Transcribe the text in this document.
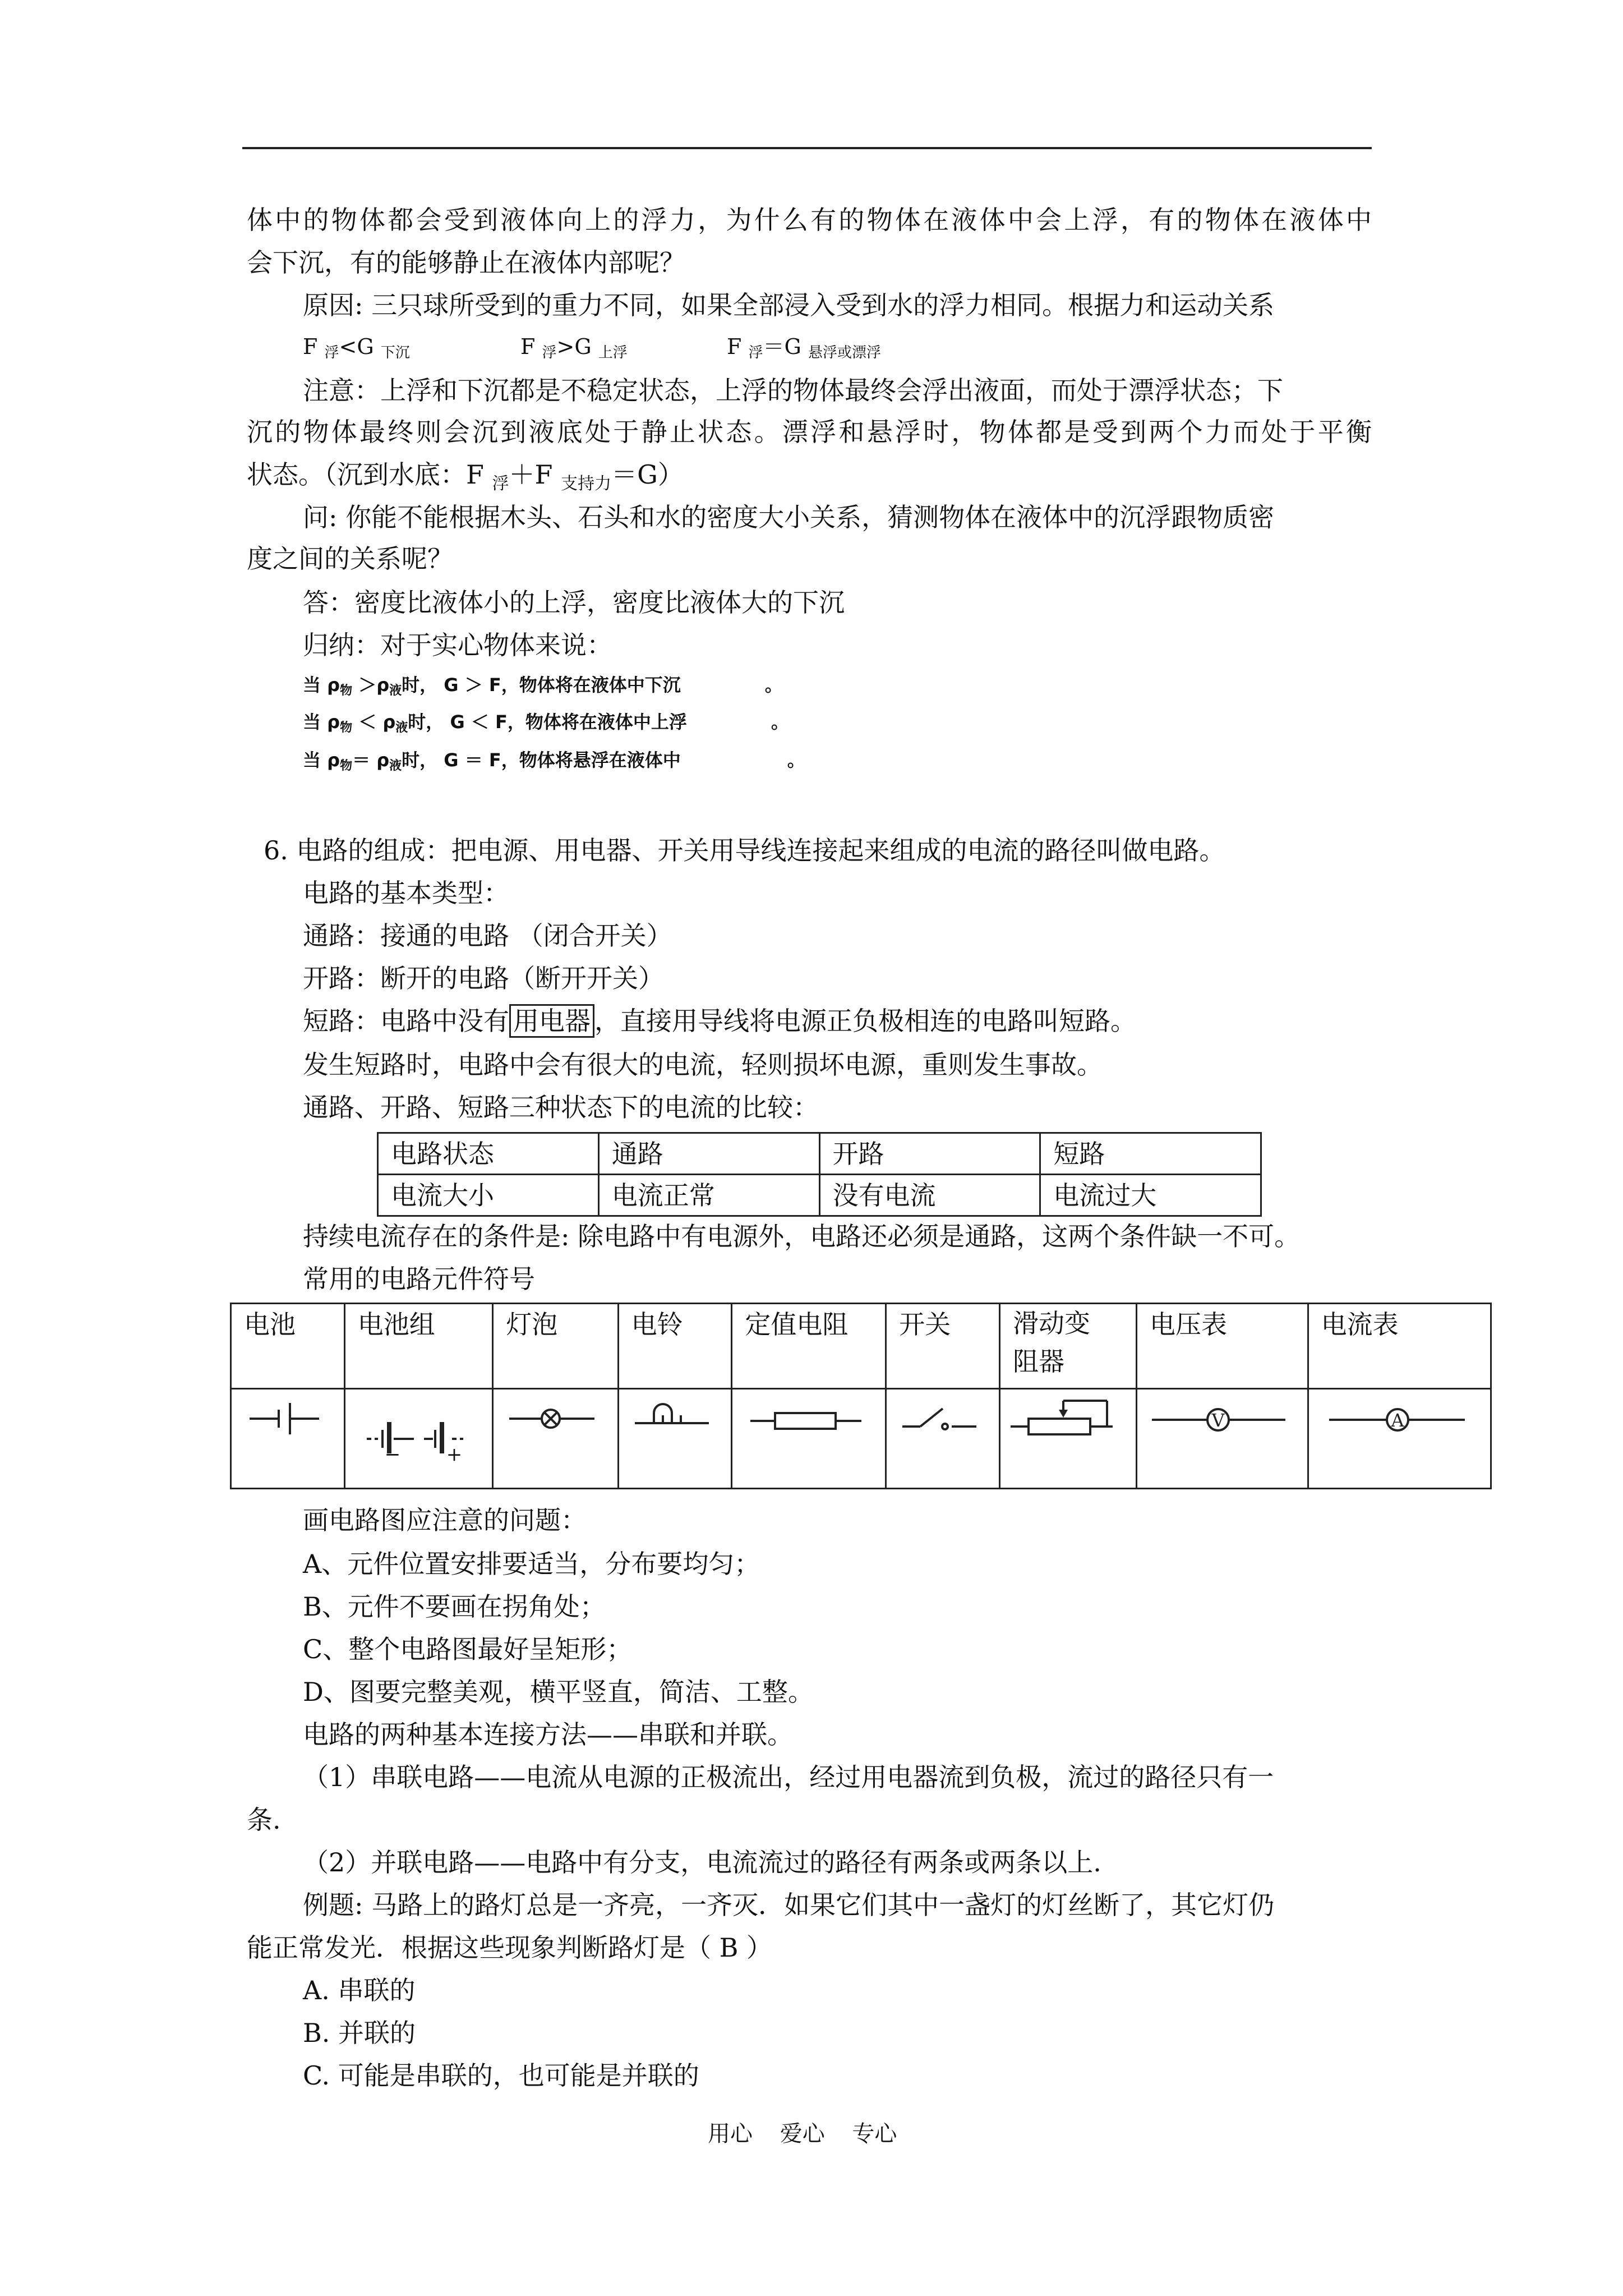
体中的物体都会受到液体向上的浮力，为什么有的物体在液体中会上浮，有的物体在液体中
会下沉，有的能够静止在液体内部呢？
原因: 三只球所受到的重力不同，如果全部浸入受到水的浮力相同。根据力和运动关系
F $_浮$<G $_{下沉}$	F $_浮$>G $_{上浮}$	F $_浮$＝G $_{悬浮或漂浮}$
注意：上浮和下沉都是不稳定状态，上浮的物体最终会浮出液面，而处于漂浮状态；下
沉的物体最终则会沉到液底处于静止状态。漂浮和悬浮时，物体都是受到两个力而处于平衡
状态。（沉到水底：F $_浮$＋F $_{支持力}$＝G）
问: 你能不能根据木头、石头和水的密度大小关系，猜测物体在液体中的沉浮跟物质密
度之间的关系呢？
答：密度比液体小的上浮，密度比液体大的下沉
归纳：对于实心物体来说：
当 $\rho_物 >\rho_液$时， G ＞ F，物体将在液体中下沉	。
当 $\rho_物 < \rho_液$时， G ＜ F，物体将在液体中上浮	。
当 $\rho_物= \rho_液$时， G ＝ F，物体将悬浮在液体中	。
6. 电路的组成：把电源、用电器、开关用导线连接起来组成的电流的路径叫做电路。
电路的基本类型：
通路：接通的电路 （闭合开关）
开路：断开的电路（断开开关）
短路：电路中没有 用电器 ，直接用导线将电源正负极相连的电路叫短路。
发生短路时，电路中会有很大的电流，轻则损坏电源，重则发生事故。
通路、开路、短路三种状态下的电流的比较：
电路状态	通路	开路	短路
电流大小	电流正常	没有电流	电流过大
持续电流存在的条件是: 除电路中有电源外，电路还必须是通路，这两个条件缺一不可。
常用的电路元件符号
电池	电池组	灯泡	电铃	定值电阻	开关	滑动变
阻器	电压表	电流表

− +						V	A
画电路图应注意的问题：
A、元件位置安排要适当，分布要均匀；
B、元件不要画在拐角处；
C、整个电路图最好呈矩形；
D、图要完整美观，横平竖直，简洁、工整。
电路的两种基本连接方法——串联和并联。
（1）串联电路——电流从电源的正极流出，经过用电器流到负极，流过的路径只有一
条.
（2）并联电路——电路中有分支，电流流过的路径有两条或两条以上.
例题: 马路上的路灯总是一齐亮，一齐灭．如果它们其中一盏灯的灯丝断了，其它灯仍
能正常发光．根据这些现象判断路灯是（ B ）
A. 串联的
B. 并联的
C. 可能是串联的，也可能是并联的
用心 爱心 专心
